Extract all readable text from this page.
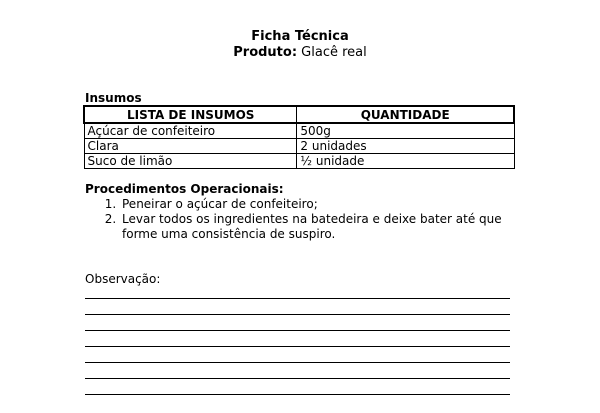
Ficha Técnica
Produto: Glacê real
Insumos
LISTA DE INSUMOS	QUANTIDADE
Açúcar de confeiteiro	500g
Clara	2 unidades
Suco de limão	½ unidade
Procedimentos Operacionais:
1. Peneirar o açúcar de confeiteiro;
2. Levar todos os ingredientes na batedeira e deixe bater até que forme uma consistência de suspiro.
Observação:
